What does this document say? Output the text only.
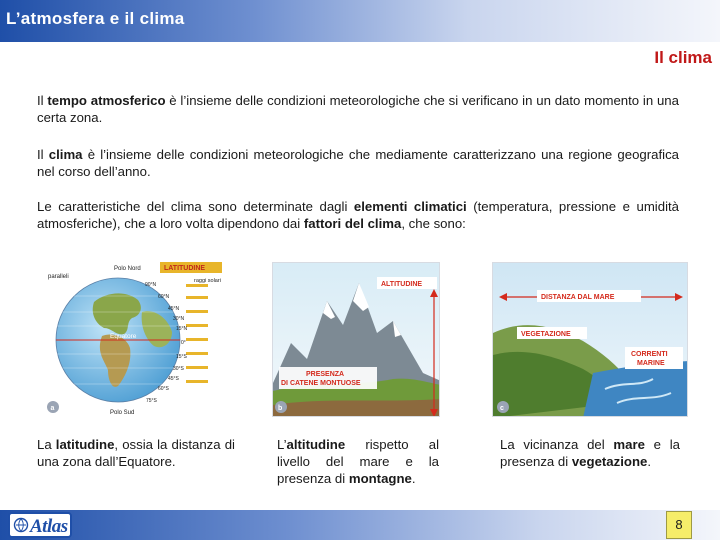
L’atmosfera e il clima
Il clima

Il tempo atmosferico è l’insieme delle condizioni meteorologiche che si verificano in un dato momento in una certa zona.

Il clima è l’insieme delle condizioni meteorologiche che mediamente caratterizzano una regione geografica nel corso dell’anno.

Le caratteristiche del clima sono determinate dagli elementi climatici (temperatura, pressione e umidità atmosferiche), che a loro volta dipendono dai fattori del clima, che sono:

Polo Nord
paralleli
LATITUDINE
raggi solari
Equatore
90°N
60°N
45°N
30°N
15°N
0°
15°S
30°S
45°S
60°S
75°S
Polo Sud
a
ALTITUDINE
PRESENZA
DI CATENE MONTUOSE
b
DISTANZA DAL MARE
VEGETAZIONE
CORRENTI
MARINE
c

La latitudine, ossia la distanza di una zona dall’Equatore.

L’altitudine rispetto al livello del mare e la presenza di montagne.

La vicinanza del mare e la presenza di vegetazione.

Atlas	8
